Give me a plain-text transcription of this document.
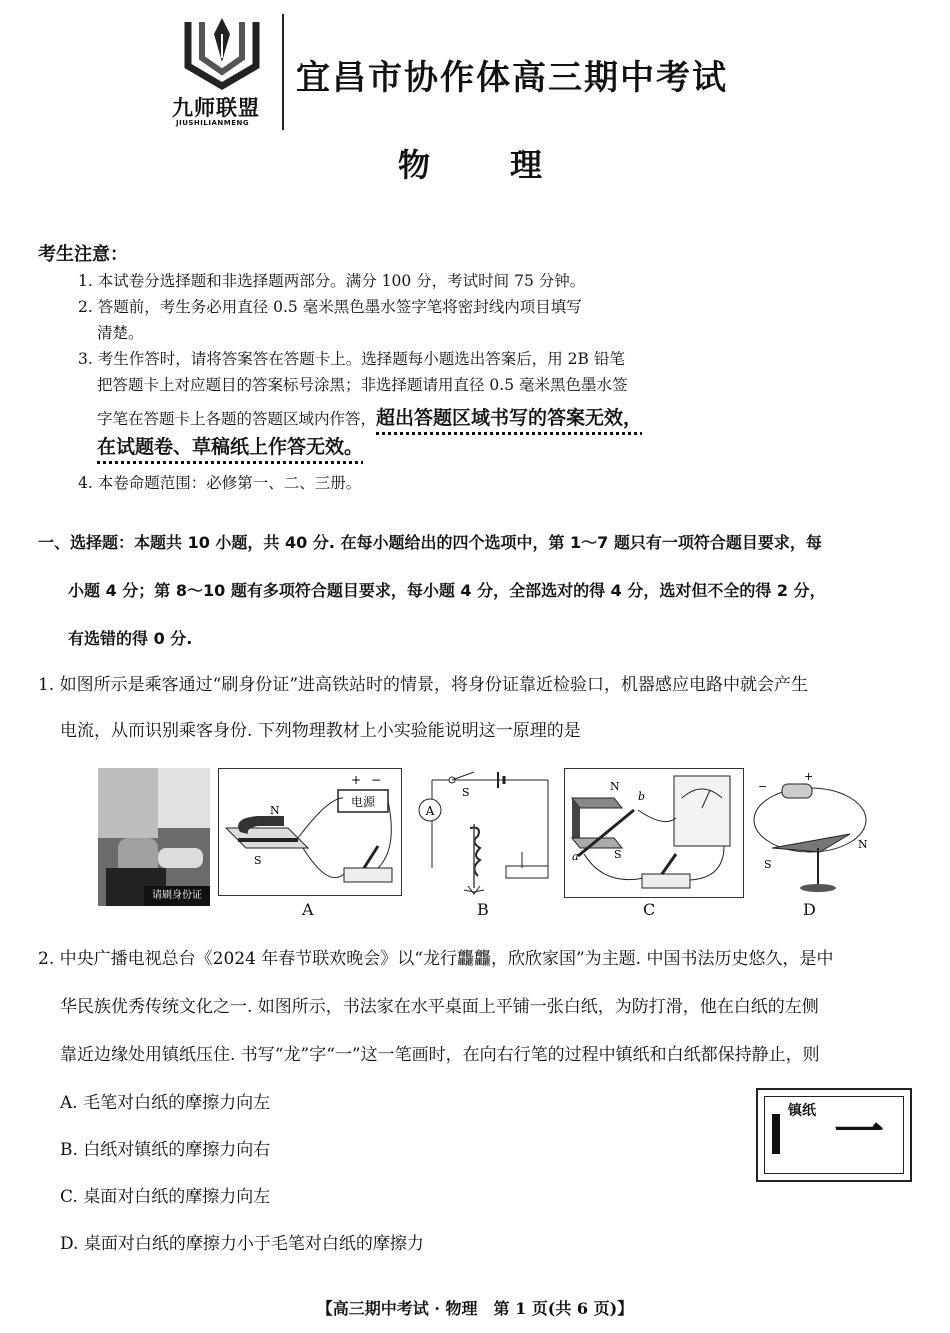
九师联盟
JIUSHILIANMENG
宜昌市协作体高三期中考试
物	理
考生注意：
1. 本试卷分选择题和非选择题两部分。满分 100 分，考试时间 75 分钟。
2. 答题前，考生务必用直径 0.5 毫米黑色墨水签字笔将密封线内项目填写
清楚。
3. 考生作答时，请将答案答在答题卡上。选择题每小题选出答案后，用 2B 铅笔
把答题卡上对应题目的答案标号涂黑；非选择题请用直径 0.5 毫米黑色墨水签
字笔在答题卡上各题的答题区域内作答，超出答题区域书写的答案无效，
在试题卷、草稿纸上作答无效。
4. 本卷命题范围：必修第一、二、三册。
一、选择题：本题共 10 小题，共 40 分. 在每小题给出的四个选项中，第 1～7 题只有一项符合题目要求，每
小题 4 分；第 8～10 题有多项符合题目要求，每小题 4 分，全部选对的得 4 分，选对但不全的得 2 分，
有选错的得 0 分.
1. 如图所示是乘客通过“刷身份证”进高铁站时的情景，将身份证靠近检验口，机器感应电路中就会产生
电流，从而识别乘客身份. 下列物理教材上小实验能说明这一原理的是
请刷身份证
电源
+ −
N
S
A
A
S
B
N
S
a
b
C
+
−
S
N
D
2. 中央广播电视总台《2024 年春节联欢晚会》以“龙行龘龘，欣欣家国”为主题. 中国书法历史悠久，是中
华民族优秀传统文化之一. 如图所示，书法家在水平桌面上平铺一张白纸，为防打滑，他在白纸的左侧
靠近边缘处用镇纸压住. 书写“龙”字“一”这一笔画时，在向右行笔的过程中镇纸和白纸都保持静止，则
A. 毛笔对白纸的摩擦力向左
B. 白纸对镇纸的摩擦力向右
C. 桌面对白纸的摩擦力向左
D. 桌面对白纸的摩擦力小于毛笔对白纸的摩擦力
镇纸 一
【高三期中考试 · 物理　第 1 页(共 6 页)】
